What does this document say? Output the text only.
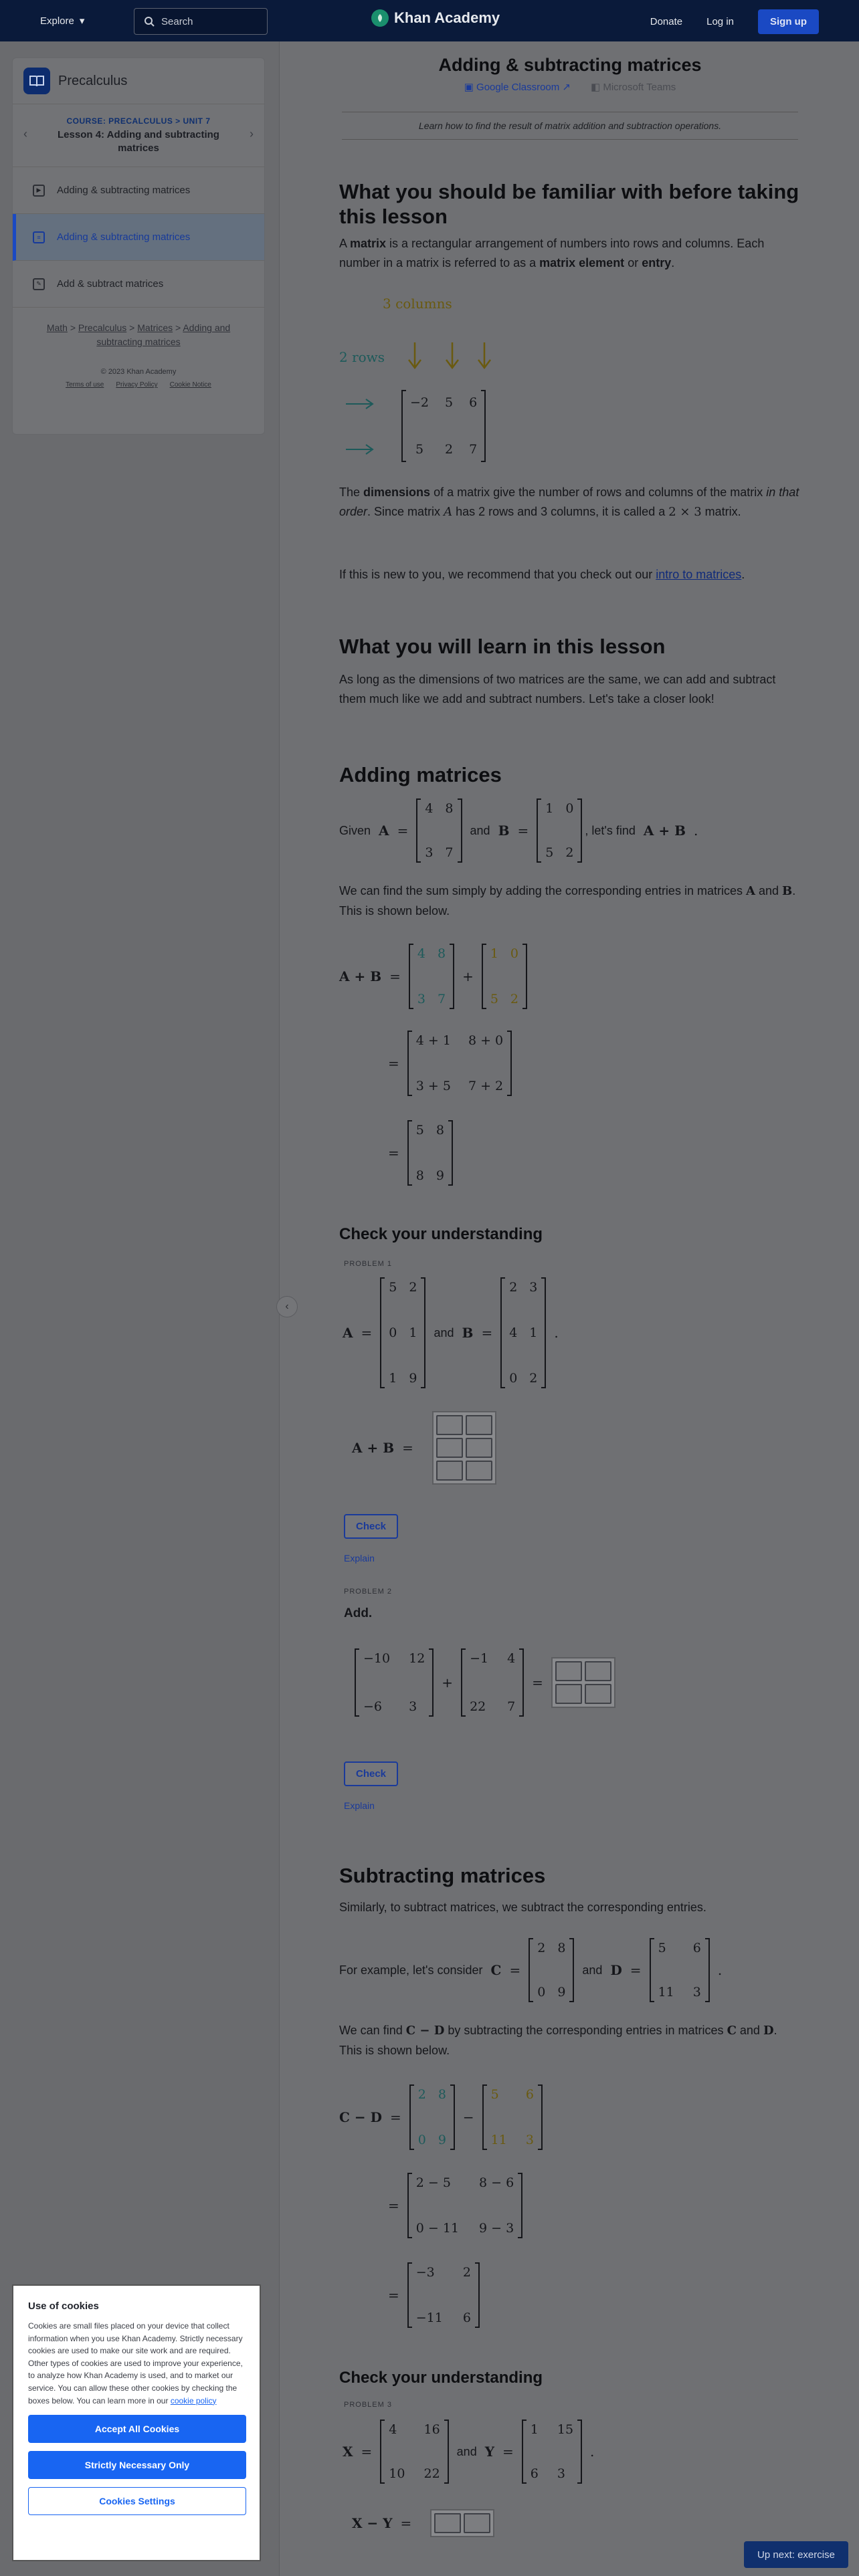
Explore ▾	Search	Khan Academy	Donate Log in	Sign up
Precalculus
‹
COURSE: PRECALCULUS > UNIT 7
Lesson 4: Adding and subtracting matrices
›
▶	Adding & subtracting matrices
≡	Adding & subtracting matrices
✎	Add & subtract matrices
Math > Precalculus > Matrices > Adding and subtracting matrices
© 2023 Khan Academy
Terms of use Privacy Policy Cookie Notice
‹
Adding & subtracting matrices
▣ Google Classroom ↗ ◧ Microsoft Teams
Learn how to find the result of matrix addition and subtraction operations.
What you should be familiar with before taking this lesson

A matrix is a rectangular arrangement of numbers into rows and columns. Each number in a matrix is referred to as a matrix element or entry.

3 columns
2 rows
−2 5 6
5	2 7

The dimensions of a matrix give the number of rows and columns of the matrix in that order. Since matrix A has 2 rows and 3 columns, it is called a 2 × 3 matrix.

If this is new to you, we recommend that you check out our intro to matrices.

What you will learn in this lesson

As long as the dimensions of two matrices are the same, we can add and subtract them much like we add and subtract numbers. Let's take a closer look!

Adding matrices
Given A =
4 8
3 7
and B =
1 0
5 2
, let's find A + B .

We can find the sum simply by adding the corresponding entries in matrices A and B. This is shown below.

A + B =
4 8
3 7
+
1 0
5 2
=
4 + 1 8 + 0
3 + 5 7 + 2
=
5 8
8 9
Check your understanding
PROBLEM 1
A =
5 2
0 1
1 9
and B =
2 3
4 1
0 2
.
A + B =
Check
Explain
PROBLEM 2
Add.
−10 12
−6	3
+
−1 4
22 7
=
Check
Explain
Subtracting matrices

Similarly, to subtract matrices, we subtract the corresponding entries.

For example, let's consider C =
2 8
0 9
and D =
5	6
11 3
.

We can find C − D by subtracting the corresponding entries in matrices C and D. This is shown below.

C − D =
2 8
0 9
−
5	6
11 3
=
2 − 5	8 − 6
0 − 11 9 − 3
=
−3	2
−11 6
Check your understanding
PROBLEM 3
X =
4	16
10 22
and Y =
1 15
6 3
.
X − Y =
Use of cookies

Cookies are small files placed on your device that collect information when you use Khan Academy. Strictly necessary cookies are used to make our site work and are required. Other types of cookies are used to improve your experience, to analyze how Khan Academy is used, and to market our service. You can allow these other cookies by checking the boxes below. You can learn more in our cookie policy

Accept All Cookies
Strictly Necessary Only
Cookies Settings
Up next: exercise
